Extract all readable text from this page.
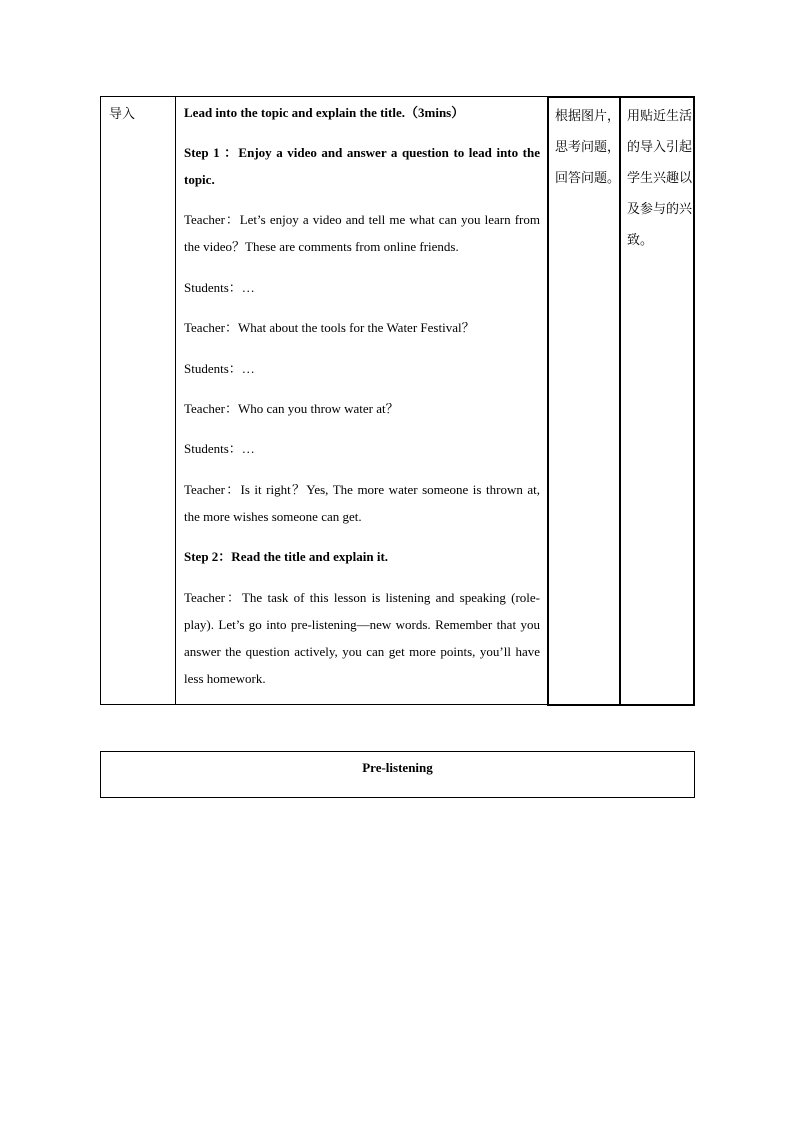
导入	Lead into the topic and explain the title.（3mins）
Step 1 ：Enjoy a video and answer a question to lead into the topic.
Teacher：Let’s enjoy a video and tell me what can you learn from the video？These are comments from online friends.
Students：…
Teacher：What about the tools for the Water Festival？
Students：…
Teacher：Who can you throw water at？
Students：…
Teacher：Is it right？Yes, The more water someone is thrown at, the more wishes someone can get.
Step 2：Read the title and explain it.
Teacher：The task of this lesson is listening and speaking (role-play). Let’s go into pre-listening—new words. Remember that you answer the question actively, you can get more points, you’ll have less homework.
根据图片，思考问题，回答问题。
用贴近生活的导入引起学生兴趣以及参与的兴致。
Pre-listening
